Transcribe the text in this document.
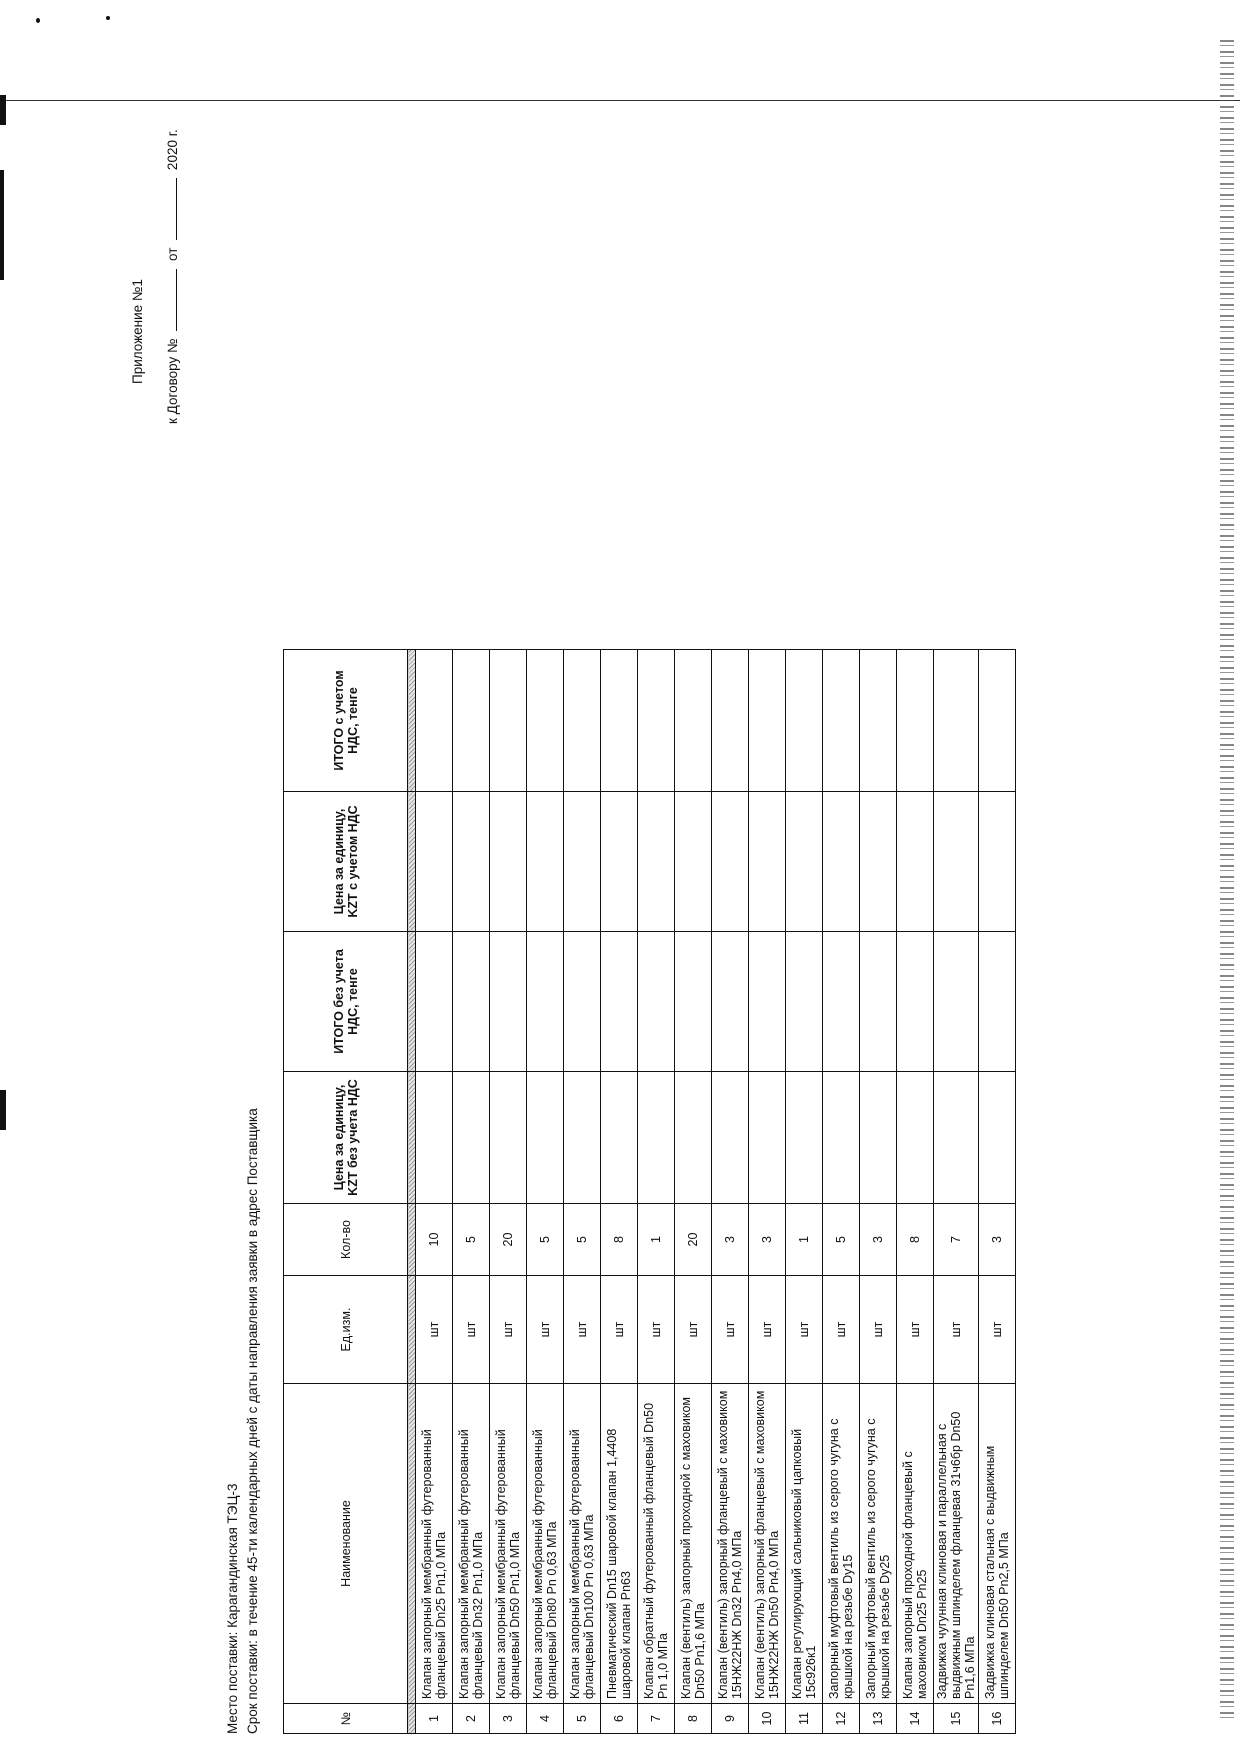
Приложение №1 к Договору №  от  2020 г.
Место поставки: Карагандинская ТЭЦ-3 Срок поставки: в течение 45-ти календарных дней с даты направления заявки в адрес Поставщика	№	Наименование	Ед.изм.	Кол-во	Цена за единицу, KZT без учета НДС	ИТОГО без учета НДС, тенге	Цена за единицу, KZT с учетом НДС	ИТОГО с учетом НДС, тенге

1	Клапан запорный мембранный футерованный фланцевый Dn25 Pn1,0 МПа	шт	10				
2	Клапан запорный мембранный футерованный фланцевый Dn32 Pn1,0 МПа	шт	5				
3	Клапан запорный мембранный футерованный фланцевый Dn50 Pn1,0 МПа	шт	20				
4	Клапан запорный мембранный футерованный фланцевый Dn80 Pn 0,63 МПа	шт	5				
5	Клапан запорный мембранный футерованный фланцевый Dn100 Pn 0,63 МПа	шт	5				
6	Пневматический Dn15 шаровой клапан 1,4408 шаровой клапан Pn63	шт	8				
7	Клапан обратный футерованный фланцевый Dn50 Pn 1,0 МПа	шт	1				
8	Клапан (вентиль) запорный проходной с маховиком Dn50 Pn1,6 МПа	шт	20				
9	Клапан (вентиль) запорный фланцевый с маховиком 15НЖ22НЖ Dn32 Pn4,0 МПа	шт	3				
10	Клапан (вентиль) запорный фланцевый с маховиком 15НЖ22НЖ Dn50 Pn4,0 МПа	шт	3				
11	Клапан регулирующий сальниковый цапковый 15с926к1	шт	1				
12	Запорный муфтовый вентиль из серого чугуна с крышкой на резьбе Dy15	шт	5				
13	Запорный муфтовый вентиль из серого чугуна с крышкой на резьбе Dy25	шт	3				
14	Клапан запорный проходной фланцевый с маховиком Dn25 Pn25	шт	8				
15	Задвижка чугунная клиновая и параллельная с выдвижным шпинделем фланцевая 31ч6бр Dn50 Pn1,6 МПа	шт	7				
16	Задвижка клиновая стальная с выдвижным шпинделем Dn50 Pn2,5 МПа	шт	3				
